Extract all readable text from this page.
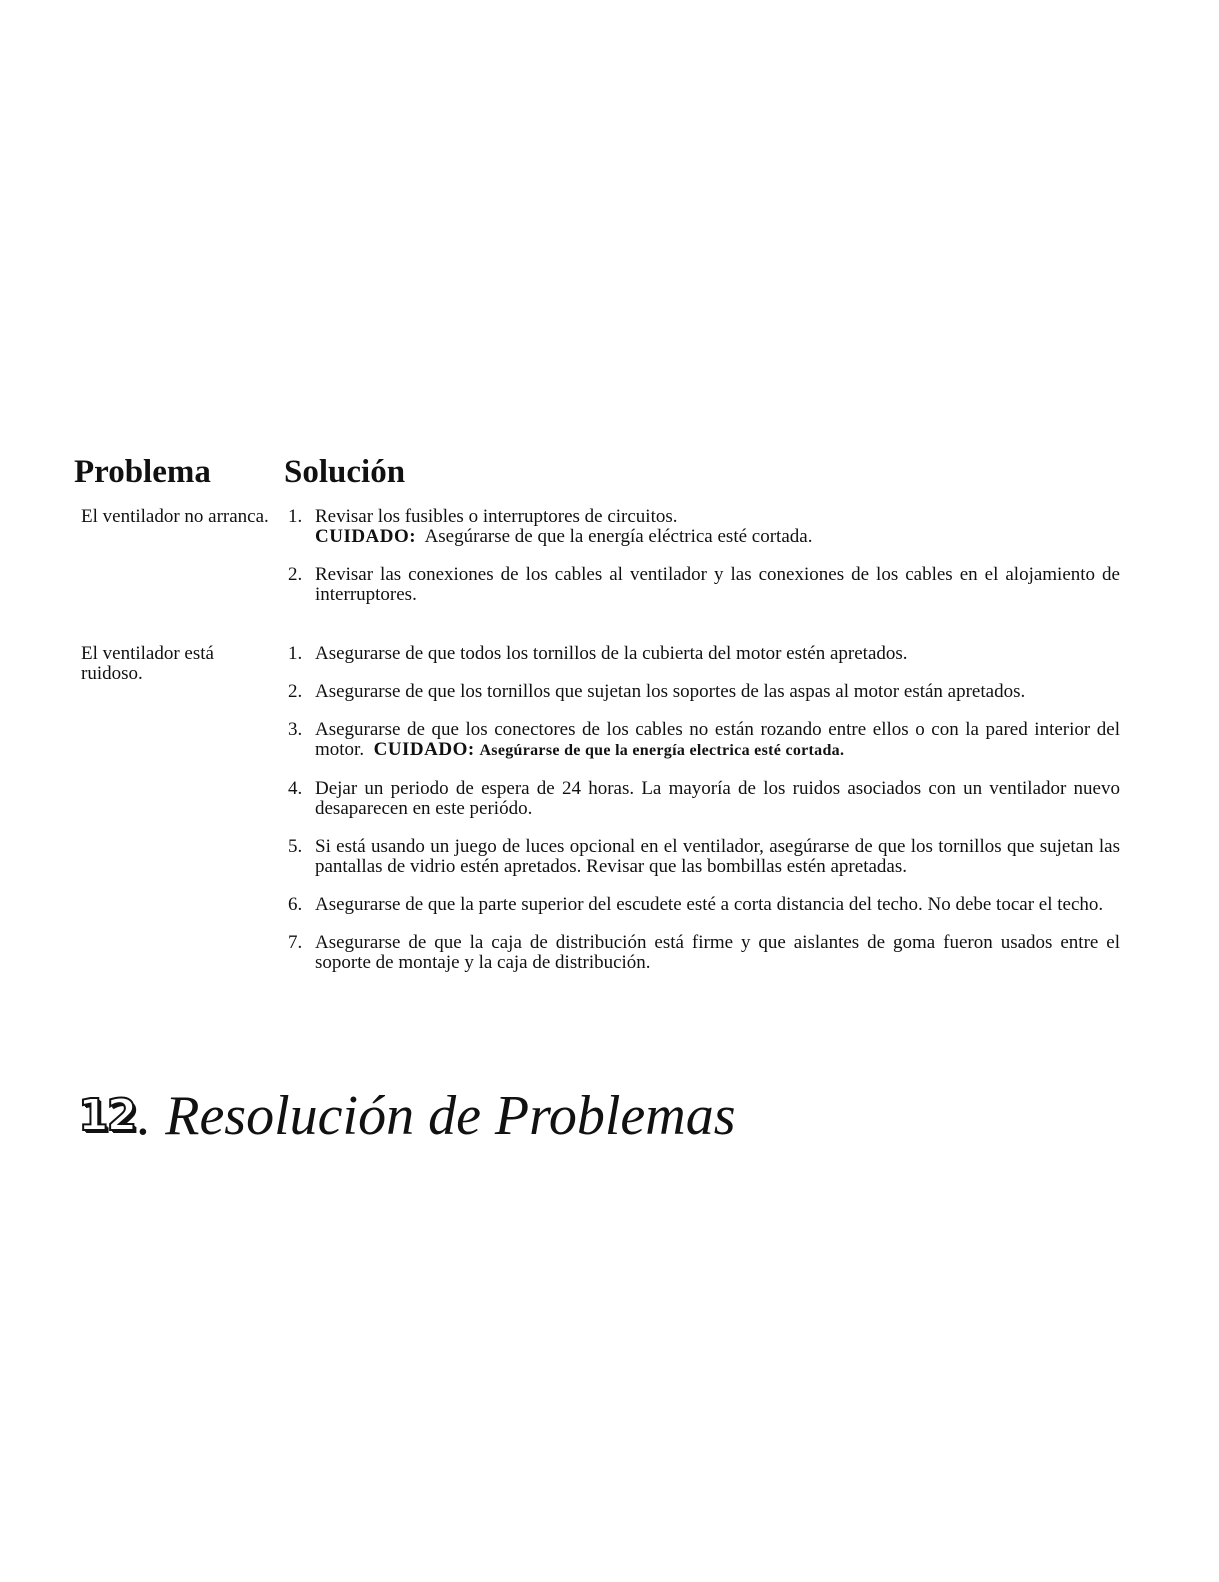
Problema Solución
El ventilador no arranca. 1. Revisar los fusibles o interruptores de circuitos.
CUIDADO: Asegúrarse de que la energía eléctrica esté cortada.
2. Revisar las conexiones de los cables al ventilador y las conexiones de los cables en el alojamiento de interruptores.
El ventilador está ruidoso.
1. Asegurarse de que todos los tornillos de la cubierta del motor estén apretados.
2. Asegurarse de que los tornillos que sujetan los soportes de las aspas al motor están apretados.
3. Asegurarse de que los conectores de los cables no están rozando entre ellos o con la pared interior del motor. CUIDADO: Asegúrarse de que la energía electrica esté cortada.
4. Dejar un periodo de espera de 24 horas. La mayoría de los ruidos asociados con un ventilador nuevo desaparecen en este periódo.
5. Si está usando un juego de luces opcional en el ventilador, asegúrarse de que los tornillos que sujetan las pantallas de vidrio estén apretados. Revisar que las bombillas estén apretadas.
6. Asegurarse de que la parte superior del escudete esté a corta distancia del techo. No debe tocar el techo.
7. Asegurarse de que la caja de distribución está firme y que aislantes de goma fueron usados entre el soporte de montaje y la caja de distribución.
12 . Resolución de Problemas
